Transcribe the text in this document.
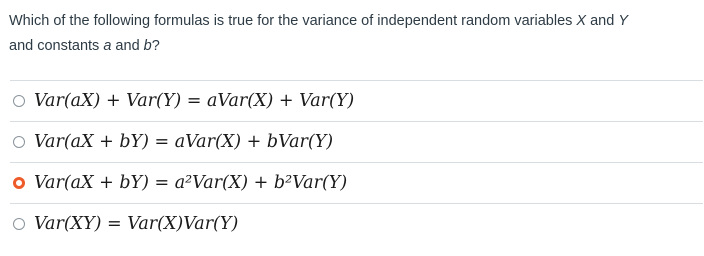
Which of the following formulas is true for the variance of independent random variables X and Y
and constants a and b?
Var(aX) + Var(Y) = aVar(X) + Var(Y)
Var(aX + bY) = aVar(X) + bVar(Y)
Var(aX + bY) = a²Var(X) + b²Var(Y)
Var(XY) = Var(X)Var(Y)
